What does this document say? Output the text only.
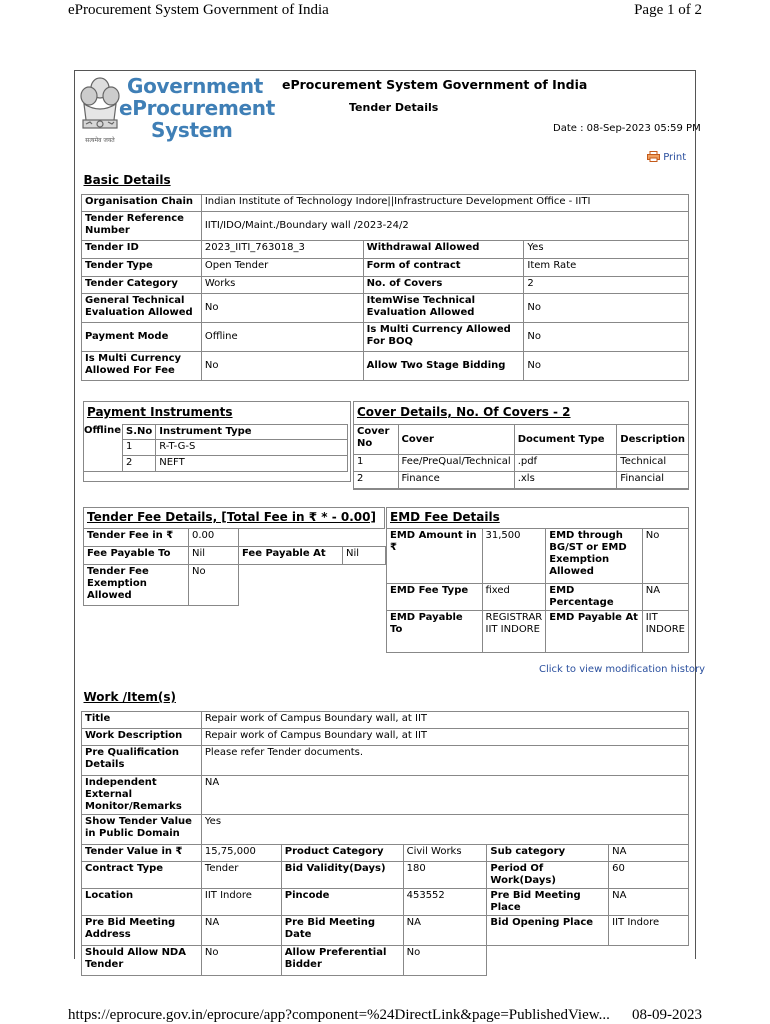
eProcurement System Government of India	Page 1 of 2
https://eprocure.gov.in/eprocure/app?component=%24DirectLink&page=PublishedView... 08-09-2023
सत्यमेव जयते
Government
eProcurement
System
eProcurement System Government of India
Tender Details
Date : 08-Sep-2023 05:59 PM
Print
Basic Details			
Organisation Chain	Indian Institute of Technology Indore||Infrastructure Development Office - IITI		
Tender Reference Number	IITI/IDO/Maint./Boundary wall /2023-24/2		
Tender ID	2023_IITI_763018_3	Withdrawal Allowed	Yes
Tender Type	Open Tender	Form of contract	Item Rate
Tender Category	Works	No. of Covers	2
General Technical Evaluation Allowed	No	ItemWise Technical Evaluation Allowed	No
Payment Mode	Offline	Is Multi Currency Allowed For BOQ	No
Is Multi Currency Allowed For Fee	No	Allow Two Stage Bidding	No
Payment Instruments
Offline	S.No	Instrument Type
	1	R-T-G-S
	2	NEFT
Cover Details, No. Of Covers - 2
Cover No	Cover	Document Type	Description
1	Fee/PreQual/Technical	.pdf	Technical
2	Finance	.xls	Financial
Tender Fee Details, [Total Fee in ₹ * - 0.00]
Tender Fee in ₹	0.00		
Fee Payable To	Nil	Fee Payable At	Nil
Tender Fee Exemption Allowed	No		
EMD Fee Details
EMD Amount in ₹	31,500	EMD through BG/ST or EMD Exemption Allowed	No
EMD Fee Type	fixed	EMD Percentage	NA
EMD Payable To	REGISTRAR IIT INDORE	EMD Payable At	IIT INDORE
Click to view modification history
Work /Item(s)					
Title	Repair work of Campus Boundary wall, at IIT				
Work Description	Repair work of Campus Boundary wall, at IIT				
Pre Qualification Details	Please refer Tender documents.				
Independent External Monitor/Remarks	NA				
Show Tender Value in Public Domain	Yes				
Tender Value in ₹	15,75,000	Product Category	Civil Works	Sub category	NA
Contract Type	Tender	Bid Validity(Days)	180	Period Of Work(Days)	60
Location	IIT Indore	Pincode	453552	Pre Bid Meeting Place	NA
Pre Bid Meeting Address	NA	Pre Bid Meeting Date	NA	Bid Opening Place	IIT Indore
Should Allow NDA Tender	No	Allow Preferential Bidder	No		
